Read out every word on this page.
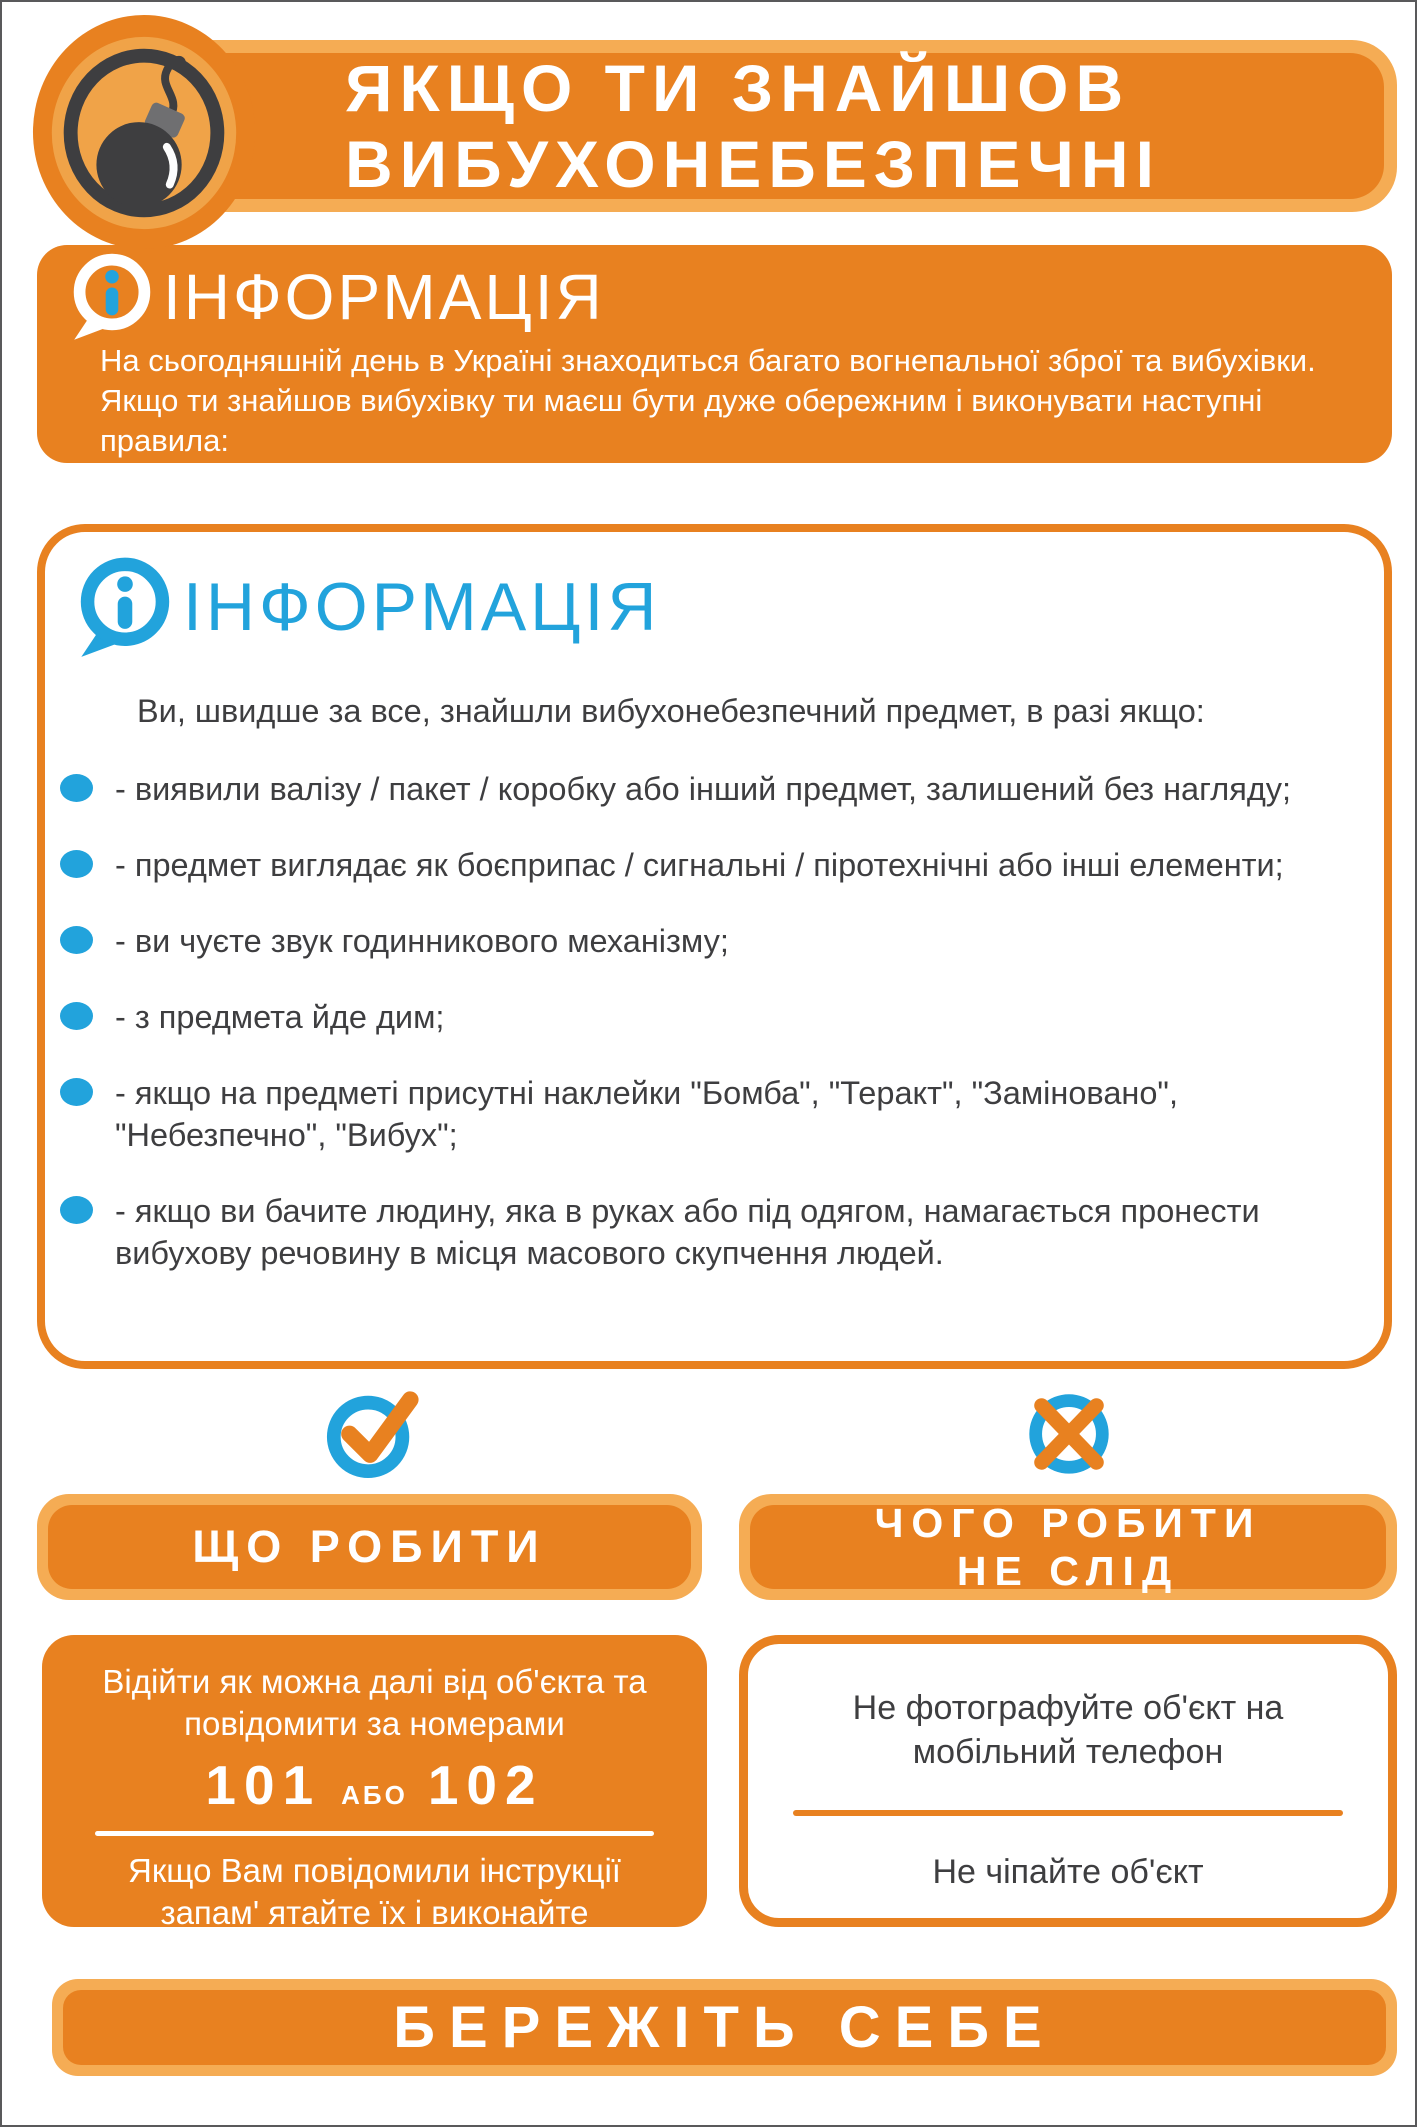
ЯКЩО ТИ ЗНАЙШОВ
ВИБУХОНЕБЕЗПЕЧНІ
ІНФОРМАЦІЯ

На сьогодняшній день в Україні знаходиться багато вогнепальної зброї та вибухівки. Якщо ти знайшов вибухівку ти маєш бути дуже обережним і виконувати наступні правила:

ІНФОРМАЦІЯ

Ви, швидше за все, знайшли вибухонебезпечний предмет, в разі якщо:

- виявили валізу / пакет / коробку або інший предмет, залишений без нагляду;
- предмет виглядає як боєприпас / сигнальні / піротехнічні або інші елементи;
- ви чуєте звук годинникового механізму;
- з предмета йде дим;
- якщо на предметі присутні наклейки "Бомба", "Теракт", "Заміновано", "Небезпечно", "Вибух";
- якщо ви бачите людину, яка в руках або під одягом, намагається пронести вибухову речовину в місця масового скупчення людей.
ЩО РОБИТИ	ЧОГО РОБИТИ
НЕ СЛІД

Відійти як можна далі від об'єкта та повідомити за номерами

101 АБО 102

Якщо Вам повідомили інструкції запам' ятайте їх і виконайте

Не фотографуйте об'єкт на мобільний телефон

Не чіпайте об'єкт

БЕРЕЖІТЬ СЕБЕ
